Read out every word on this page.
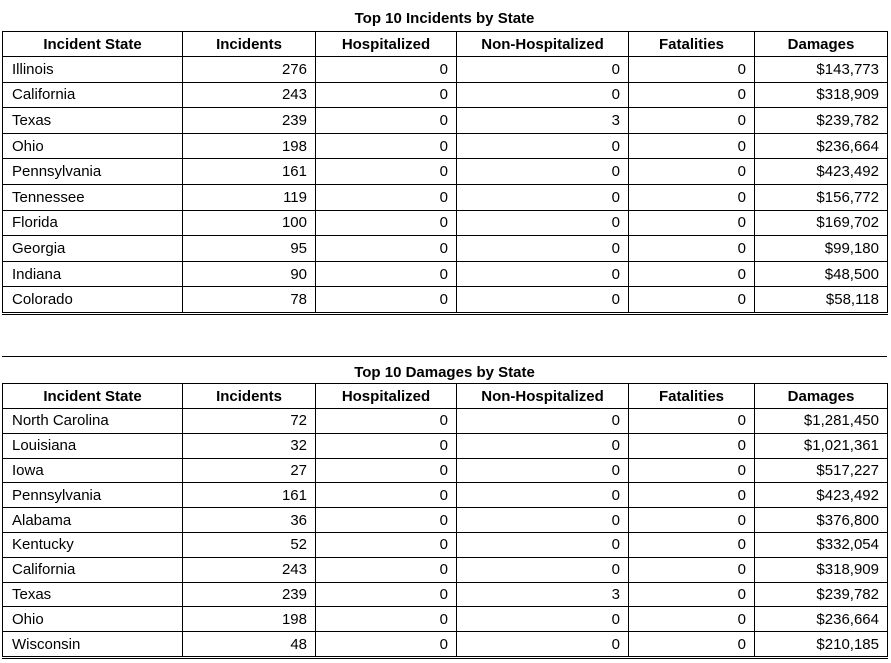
Top 10 Incidents by State
Incident State	Incidents	Hospitalized	Non-Hospitalized	Fatalities	Damages
Illinois	276	0	0	0	$143,773
California	243	0	0	0	$318,909
Texas	239	0	3	0	$239,782
Ohio	198	0	0	0	$236,664
Pennsylvania	161	0	0	0	$423,492
Tennessee	119	0	0	0	$156,772
Florida	100	0	0	0	$169,702
Georgia	95	0	0	0	$99,180
Indiana	90	0	0	0	$48,500
Colorado	78	0	0	0	$58,118
Top 10 Damages by State
Incident State	Incidents	Hospitalized	Non-Hospitalized	Fatalities	Damages
North Carolina	72	0	0	0	$1,281,450
Louisiana	32	0	0	0	$1,021,361
Iowa	27	0	0	0	$517,227
Pennsylvania	161	0	0	0	$423,492
Alabama	36	0	0	0	$376,800
Kentucky	52	0	0	0	$332,054
California	243	0	0	0	$318,909
Texas	239	0	3	0	$239,782
Ohio	198	0	0	0	$236,664
Wisconsin	48	0	0	0	$210,185
